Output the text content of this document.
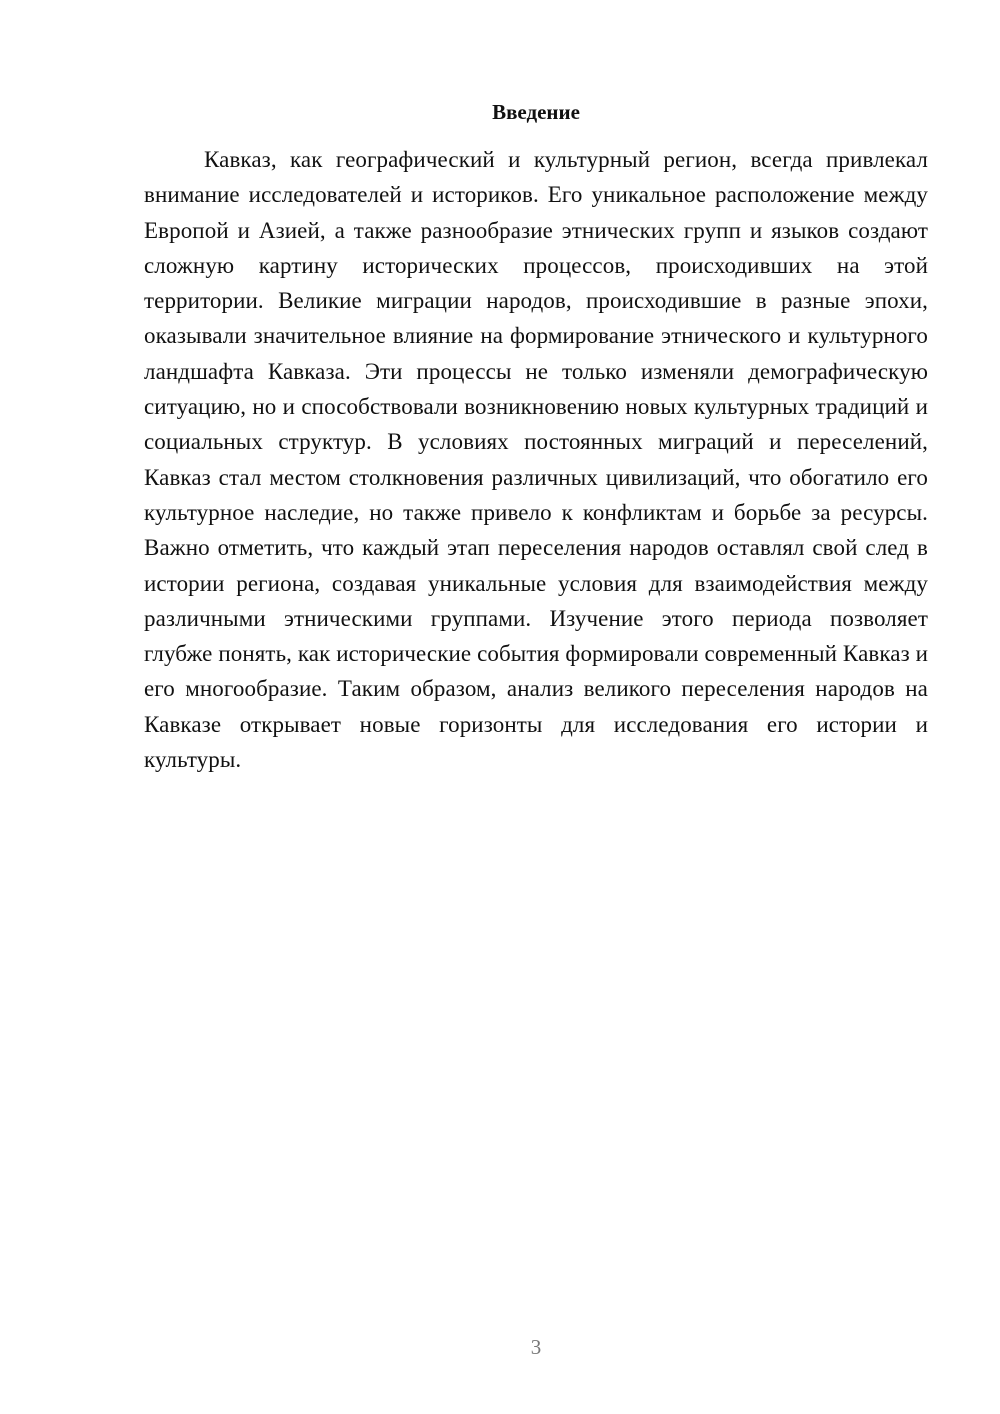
Введение

Кавказ, как географический и культурный регион, всегда привлекал внимание исследователей и историков. Его уникальное расположение между Европой и Азией, а также разнообразие этнических групп и языков создают сложную картину исторических процессов, происходивших на этой территории. Великие миграции народов, происходившие в разные эпохи, оказывали значительное влияние на формирование этнического и культурного ландшафта Кавказа. Эти процессы не только изменяли демографическую ситуацию, но и способствовали возникновению новых культурных традиций и социальных структур. В условиях постоянных миграций и переселений, Кавказ стал местом столкновения различных цивилизаций, что обогатило его культурное наследие, но также привело к конфликтам и борьбе за ресурсы. Важно отметить, что каждый этап переселения народов оставлял свой след в истории региона, создавая уникальные условия для взаимодействия между различными этническими группами. Изучение этого периода позволяет глубже понять, как исторические события формировали современный Кавказ и его многообразие. Таким образом, анализ великого переселения народов на Кавказе открывает новые горизонты для исследования его истории и культуры.

3
